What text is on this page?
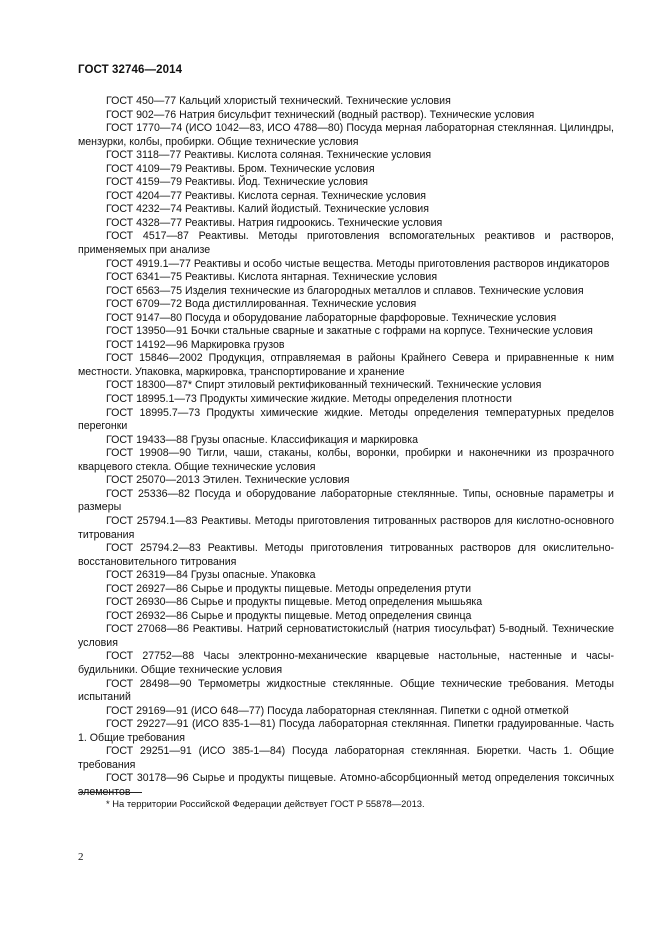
ГОСТ 32746—2014

ГОСТ 450—77 Кальций хлористый технический. Технические условия

ГОСТ 902—76 Натрия бисульфит технический (водный раствор). Технические условия

ГОСТ 1770—74 (ИСО 1042—83, ИСО 4788—80) Посуда мерная лабораторная стеклянная. Цилиндры, мензурки, колбы, пробирки. Общие технические условия

ГОСТ 3118—77 Реактивы. Кислота соляная. Технические условия

ГОСТ 4109—79 Реактивы. Бром. Технические условия

ГОСТ 4159—79 Реактивы. Йод. Технические условия

ГОСТ 4204—77 Реактивы. Кислота серная. Технические условия

ГОСТ 4232—74 Реактивы. Калий йодистый. Технические условия

ГОСТ 4328—77 Реактивы. Натрия гидроокись. Технические условия

ГОСТ 4517—87 Реактивы. Методы приготовления вспомогательных реактивов и растворов, применяемых при анализе

ГОСТ 4919.1—77 Реактивы и особо чистые вещества. Методы приготовления растворов индикаторов

ГОСТ 6341—75 Реактивы. Кислота янтарная. Технические условия

ГОСТ 6563—75 Изделия технические из благородных металлов и сплавов. Технические условия

ГОСТ 6709—72 Вода дистиллированная. Технические условия

ГОСТ 9147—80 Посуда и оборудование лабораторные фарфоровые. Технические условия

ГОСТ 13950—91 Бочки стальные сварные и закатные с гофрами на корпусе. Технические условия

ГОСТ 14192—96 Маркировка грузов

ГОСТ 15846—2002 Продукция, отправляемая в районы Крайнего Севера и приравненные к ним местности. Упаковка, маркировка, транспортирование и хранение

ГОСТ 18300—87* Спирт этиловый ректификованный технический. Технические условия

ГОСТ 18995.1—73 Продукты химические жидкие. Методы определения плотности

ГОСТ 18995.7—73 Продукты химические жидкие. Методы определения температурных пределов перегонки

ГОСТ 19433—88 Грузы опасные. Классификация и маркировка

ГОСТ 19908—90 Тигли, чаши, стаканы, колбы, воронки, пробирки и наконечники из прозрачного кварцевого стекла. Общие технические условия

ГОСТ 25070—2013 Этилен. Технические условия

ГОСТ 25336—82 Посуда и оборудование лабораторные стеклянные. Типы, основные параметры и размеры

ГОСТ 25794.1—83 Реактивы. Методы приготовления титрованных растворов для кислотно-основного титрования

ГОСТ 25794.2—83 Реактивы. Методы приготовления титрованных растворов для окислительно-восстановительного титрования

ГОСТ 26319—84 Грузы опасные. Упаковка

ГОСТ 26927—86 Сырье и продукты пищевые. Методы определения ртути

ГОСТ 26930—86 Сырье и продукты пищевые. Метод определения мышьяка

ГОСТ 26932—86 Сырье и продукты пищевые. Метод определения свинца

ГОСТ 27068—86 Реактивы. Натрий серноватистокислый (натрия тиосульфат) 5-водный. Технические условия

ГОСТ 27752—88 Часы электронно-механические кварцевые настольные, настенные и часы-будильники. Общие технические условия

ГОСТ 28498—90 Термометры жидкостные стеклянные. Общие технические требования. Методы испытаний

ГОСТ 29169—91 (ИСО 648—77) Посуда лабораторная стеклянная. Пипетки с одной отметкой

ГОСТ 29227—91 (ИСО 835-1—81) Посуда лабораторная стеклянная. Пипетки градуированные. Часть 1. Общие требования

ГОСТ 29251—91 (ИСО 385-1—84) Посуда лабораторная стеклянная. Бюретки. Часть 1. Общие требования

ГОСТ 30178—96 Сырье и продукты пищевые. Атомно-абсорбционный метод определения токсичных элементов

* На территории Российской Федерации действует ГОСТ Р 55878—2013.
2
